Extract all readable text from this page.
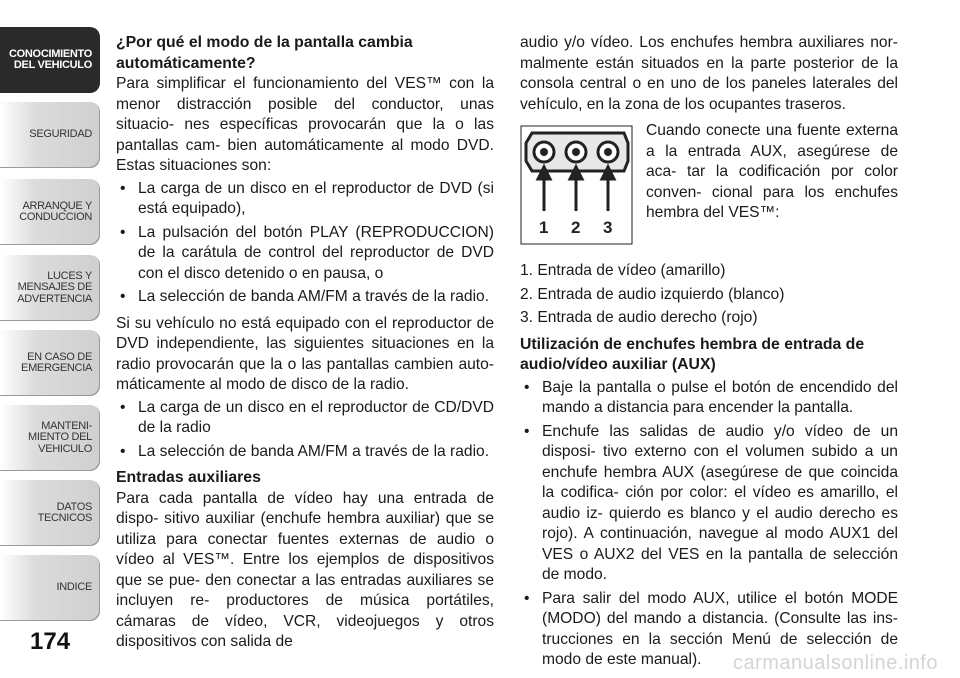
CONOCIMIENTO
DEL VEHICULO
SEGURIDAD
ARRANQUE Y
CONDUCCION
LUCES Y
MENSAJES DE
ADVERTENCIA
EN CASO DE
EMERGENCIA
MANTENI-
MIENTO DEL
VEHICULO
DATOS
TECNICOS
INDICE
174
¿Por qué el modo de la pantalla cambia automáticamente?

Para simplificar el funcionamiento del VES™ con la menor distracción posible del conductor, unas situacio- nes específicas provocarán que la o las pantallas cam- bien automáticamente al modo DVD. Estas situaciones son:

• La carga de un disco en el reproductor de DVD (si está equipado),
• La pulsación del botón PLAY (REPRODUCCION) de la carátula de control del reproductor de DVD con el disco detenido o en pausa, o
• La selección de banda AM/FM a través de la radio.

Si su vehículo no está equipado con el reproductor de DVD independiente, las siguientes situaciones en la radio provocarán que la o las pantallas cambien auto- máticamente al modo de disco de la radio.

• La carga de un disco en el reproductor de CD/DVD de la radio
• La selección de banda AM/FM a través de la radio.
Entradas auxiliares

Para cada pantalla de vídeo hay una entrada de dispo- sitivo auxiliar (enchufe hembra auxiliar) que se utiliza para conectar fuentes externas de audio o vídeo al VES™. Entre los ejemplos de dispositivos que se pue- den conectar a las entradas auxiliares se incluyen re- productores de música portátiles, cámaras de vídeo, VCR, videojuegos y otros dispositivos con salida de

audio y/o vídeo. Los enchufes hembra auxiliares nor- malmente están situados en la parte posterior de la consola central o en uno de los paneles laterales del vehículo, en la zona de los ocupantes traseros.

1 2 3

Cuando conecte una fuente externa a la entrada AUX, asegúrese de aca- tar la codificación por color conven- cional para los enchufes hembra del VES™:

1. Entrada de vídeo (amarillo)
2. Entrada de audio izquierdo (blanco)
3. Entrada de audio derecho (rojo)
Utilización de enchufes hembra de entrada de audio/vídeo auxiliar (AUX)
• Baje la pantalla o pulse el botón de encendido del mando a distancia para encender la pantalla.
• Enchufe las salidas de audio y/o vídeo de un disposi- tivo externo con el volumen subido a un enchufe hembra AUX (asegúrese de que coincida la codifica- ción por color: el vídeo es amarillo, el audio iz- quierdo es blanco y el audio derecho es rojo). A continuación, navegue al modo AUX1 del VES o AUX2 del VES en la pantalla de selección de modo.
• Para salir del modo AUX, utilice el botón MODE (MODO) del mando a distancia. (Consulte las ins- trucciones en la sección Menú de selección de modo de este manual).	carmanualsonline.info
